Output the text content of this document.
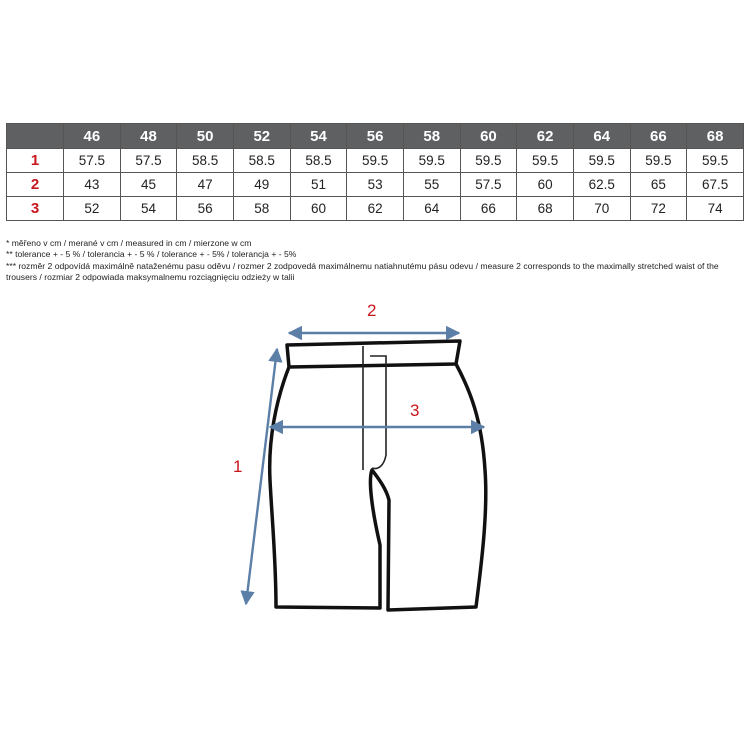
	46	48	50	52	54	56	58	60	62	64	66	68
1	57.5	57.5	58.5	58.5	58.5	59.5	59.5	59.5	59.5	59.5	59.5	59.5
2	43	45	47	49	51	53	55	57.5	60	62.5	65	67.5
3	52	54	56	58	60	62	64	66	68	70	72	74
* měřeno v cm / merané v cm / measured in cm / mierzone w cm
** tolerance + - 5 % / tolerancia + - 5 % / tolerance + - 5% / tolerancja + - 5%
*** rozměr 2 odpovídá maximálně nataženému pasu oděvu / rozmer 2 zodpovedá maximálnemu natiahnutému pásu odevu / measure 2 corresponds to the maximally stretched waist of the trousers / rozmiar 2 odpowiada maksymalnemu rozciągnięciu odzieży w talii
2
3
1
